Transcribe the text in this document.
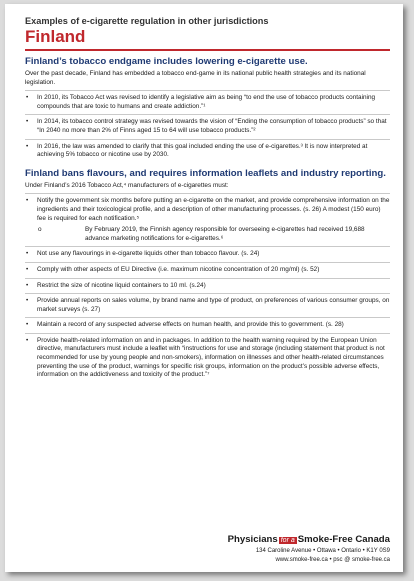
Examples of e-cigarette regulation in other jurisdictions
Finland
Finland’s tobacco endgame includes lowering e-cigarette use.

Over the past decade, Finland has embedded a tobacco end-game in its national public health strategies and its national legislation.

• In 2010, its Tobacco Act was revised to identify a legislative aim as being “to end the use of tobacco products containing compounds that are toxic to humans and create addiction.”¹
• In 2014, its tobacco control strategy was revised towards the vision of “Ending the consumption of tobacco products” so that “In 2040 no more than 2% of Finns aged 15 to 64 will use tobacco products.”²
• In 2016, the law was amended to clarify that this goal included ending the use of e-cigarettes.³ It is now interpreted at achieving 5% tobacco or nicotine use by 2030.
Finland bans flavours, and requires information leaflets and industry reporting.

Under Finland’s 2016 Tobacco Act,⁴ manufacturers of e-cigarettes must:

• Notify the government six months before putting an e-cigarette on the market, and provide comprehensive information on the ingredients and their toxicological profile, and a description of other manufacturing processes. (s. 26) A modest (150 euro) fee is required for each notification.⁵
o	By February 2019, the Finnish agency responsible for overseeing e-cigarettes had received 19,688 advance marketing notifications for e-cigarettes.⁶
• Not use any flavourings in e-cigarette liquids other than tobacco flavour. (s. 24)
• Comply with other aspects of EU Directive (i.e. maximum nicotine concentration of 20 mg/ml) (s. 52)
• Restrict the size of nicotine liquid containers to 10 ml. (s.24)
• Provide annual reports on sales volume, by brand name and type of product, on preferences of various consumer groups, on market surveys (s. 27)
• Maintain a record of any suspected adverse effects on human health, and provide this to government. (s. 28)
• Provide health-related information on and in packages. In addition to the health warning required by the European Union directive, manufacturers must include a leaflet with “instructions for use and storage (including statement that product is not recommended for use by young people and non-smokers), information on illnesses and other health-related circumstances preventing the use of the product, warnings for specific risk groups, information on the product’s possible adverse effects, information on the addictiveness and toxicity of the product.”⁷
Physicians for a Smoke-Free Canada
134 Caroline Avenue • Ottawa • Ontario • K1Y 0S9
www.smoke-free.ca • psc @ smoke-free.ca
